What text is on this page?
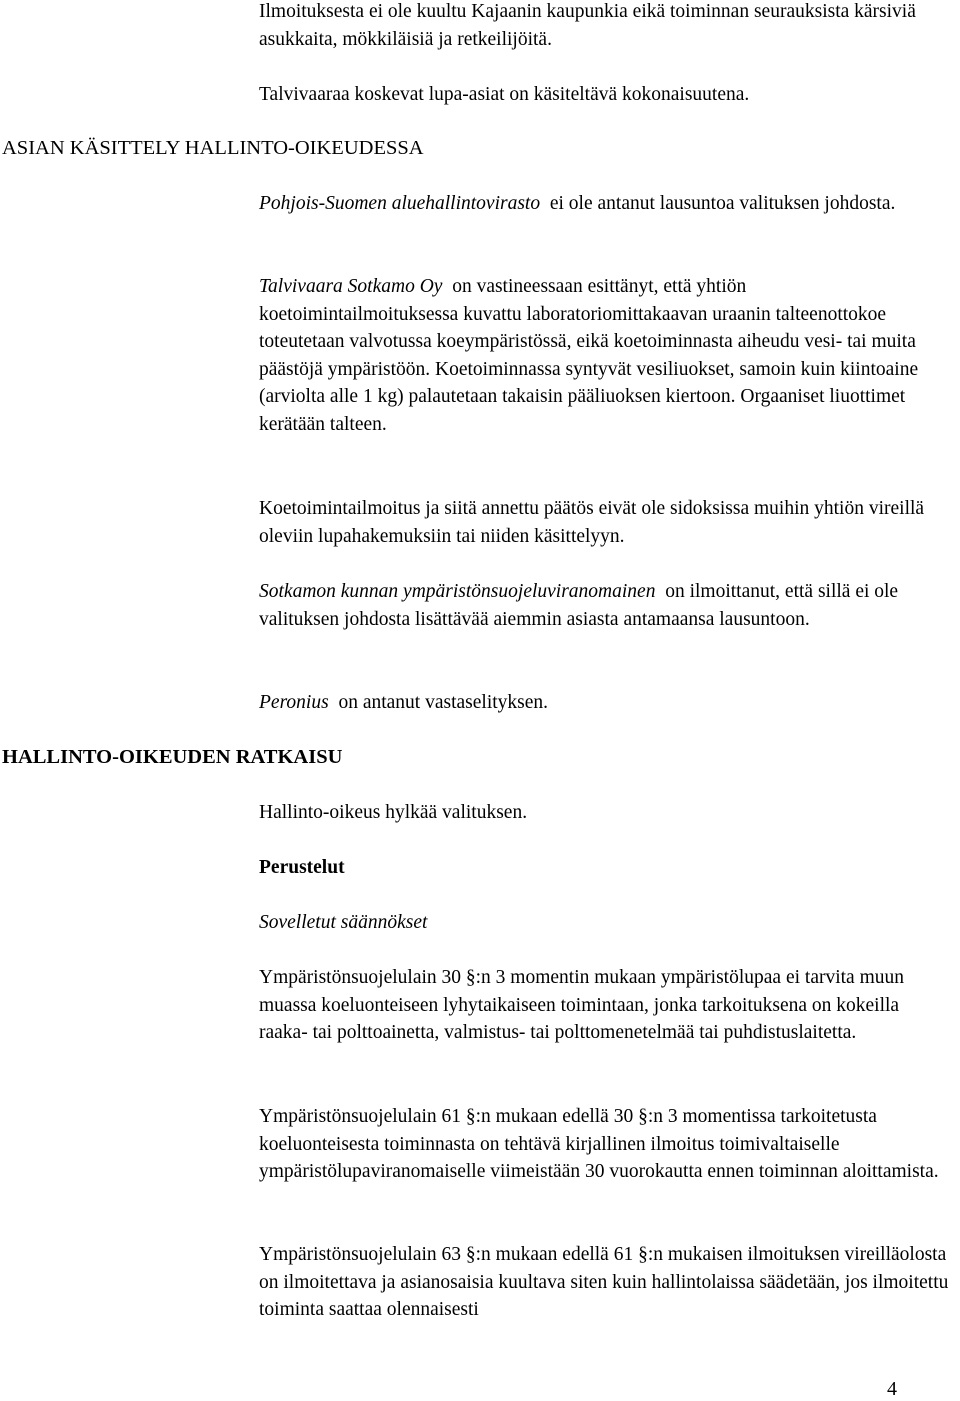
Ilmoituksesta ei ole kuultu Kajaanin kaupunkia eikä toiminnan seurauksista kärsiviä asukkaita, mökkiläisiä ja retkeilijöitä.

Talvivaaraa koskevat lupa-asiat on käsiteltävä kokonaisuutena.

ASIAN KÄSITTELY HALLINTO-OIKEUDESSA

Pohjois-Suomen aluehallintovirasto ei ole antanut lausuntoa valituksen johdosta.

Talvivaara Sotkamo Oy on vastineessaan esittänyt, että yhtiön koetoimintailmoituksessa kuvattu laboratoriomittakaavan uraanin talteenottokoe toteutetaan valvotussa koeympäristössä, eikä koetoiminnasta aiheudu vesi- tai muita päästöjä ympäristöön. Koetoiminnassa syntyvät vesiliuokset, samoin kuin kiintoaine (arviolta alle 1 kg) palautetaan takaisin pääliuoksen kiertoon. Orgaaniset liuottimet kerätään talteen.

Koetoimintailmoitus ja siitä annettu päätös eivät ole sidoksissa muihin yhtiön vireillä oleviin lupahakemuksiin tai niiden käsittelyyn.

Sotkamon kunnan ympäristönsuojeluviranomainen on ilmoittanut, että sillä ei ole valituksen johdosta lisättävää aiemmin asiasta antamaansa lausuntoon.

Peronius on antanut vastaselityksen.

HALLINTO-OIKEUDEN RATKAISU

Hallinto-oikeus hylkää valituksen.

Perustelut

Sovelletut säännökset

Ympäristönsuojelulain 30 §:n 3 momentin mukaan ympäristölupaa ei tarvita muun muassa koeluonteiseen lyhytaikaiseen toimintaan, jonka tarkoituksena on kokeilla raaka- tai polttoainetta, valmistus- tai polttomenetelmää tai puhdistuslaitetta.

Ympäristönsuojelulain 61 §:n mukaan edellä 30 §:n 3 momentissa tarkoitetusta koeluonteisesta toiminnasta on tehtävä kirjallinen ilmoitus toimivaltaiselle ympäristölupaviranomaiselle viimeistään 30 vuorokautta ennen toiminnan aloittamista.

Ympäristönsuojelulain 63 §:n mukaan edellä 61 §:n mukaisen ilmoituksen vireilläolosta on ilmoitettava ja asianosaisia kuultava siten kuin hallintolaissa säädetään, jos ilmoitettu toiminta saattaa olennaisesti

4
